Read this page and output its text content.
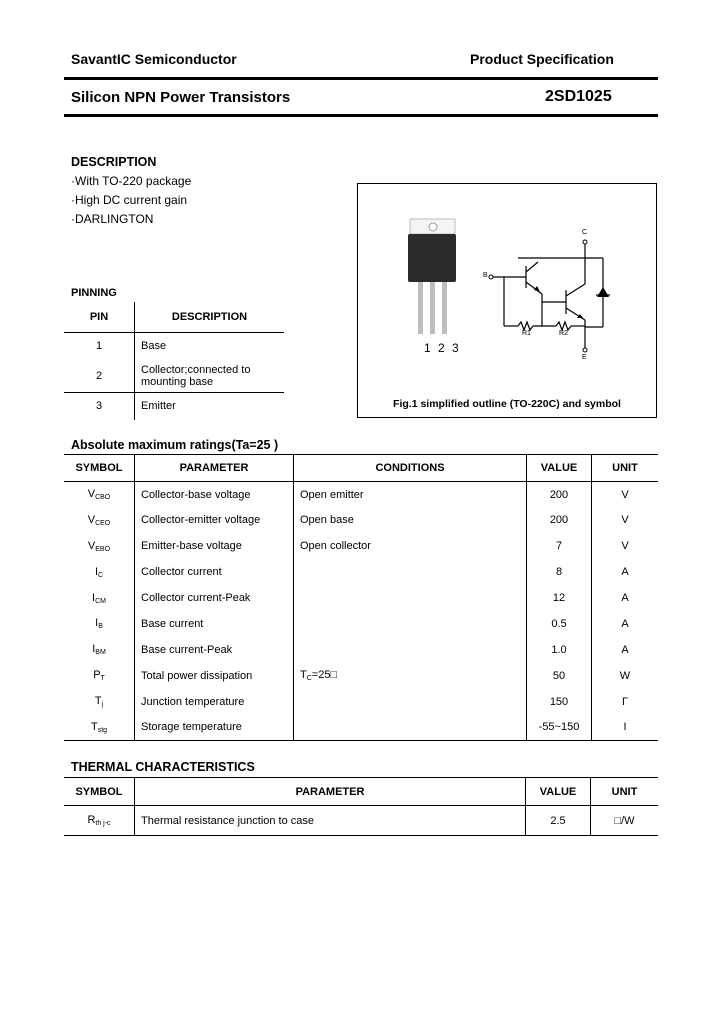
SavantIC Semiconductor	Product Specification
Silicon NPN Power Transistors	2SD1025
DESCRIPTION
·With TO-220 package
·High DC current gain
·DARLINGTON
PINNING
PIN	DESCRIPTION
1	Base
2	Collector;connected to
mounting base
3	Emitter
C
B
E
R1	R2
1 2 3
Fig.1 simplified outline (TO-220C) and symbol
Absolute maximum ratings(Ta=25 )
SYMBOL	PARAMETER	CONDITIONS	VALUE	UNIT
$V_{CBO}$	Collector-base voltage	Open emitter	200	V
$V_{CEO}$	Collector-emitter voltage	Open base	200	V
$V_{EBO}$	Emitter-base voltage	Open collector	7	V
$I_C$	Collector current		8	A
$I_{CM}$	Collector current-Peak		12	A
$I_B$	Base current		0.5	A
$I_{BM}$	Base current-Peak		1.0	A
$P_T$	Total power dissipation	$T_C=25□$	50	W
$T_j$	Junction temperature		150	Γ
$T_{stg}$	Storage temperature		-55~150	Ι
THERMAL CHARACTERISTICS
SYMBOL	PARAMETER	VALUE	UNIT
$R_{th j-c}$	Thermal resistance junction to case	2.5	□/W
